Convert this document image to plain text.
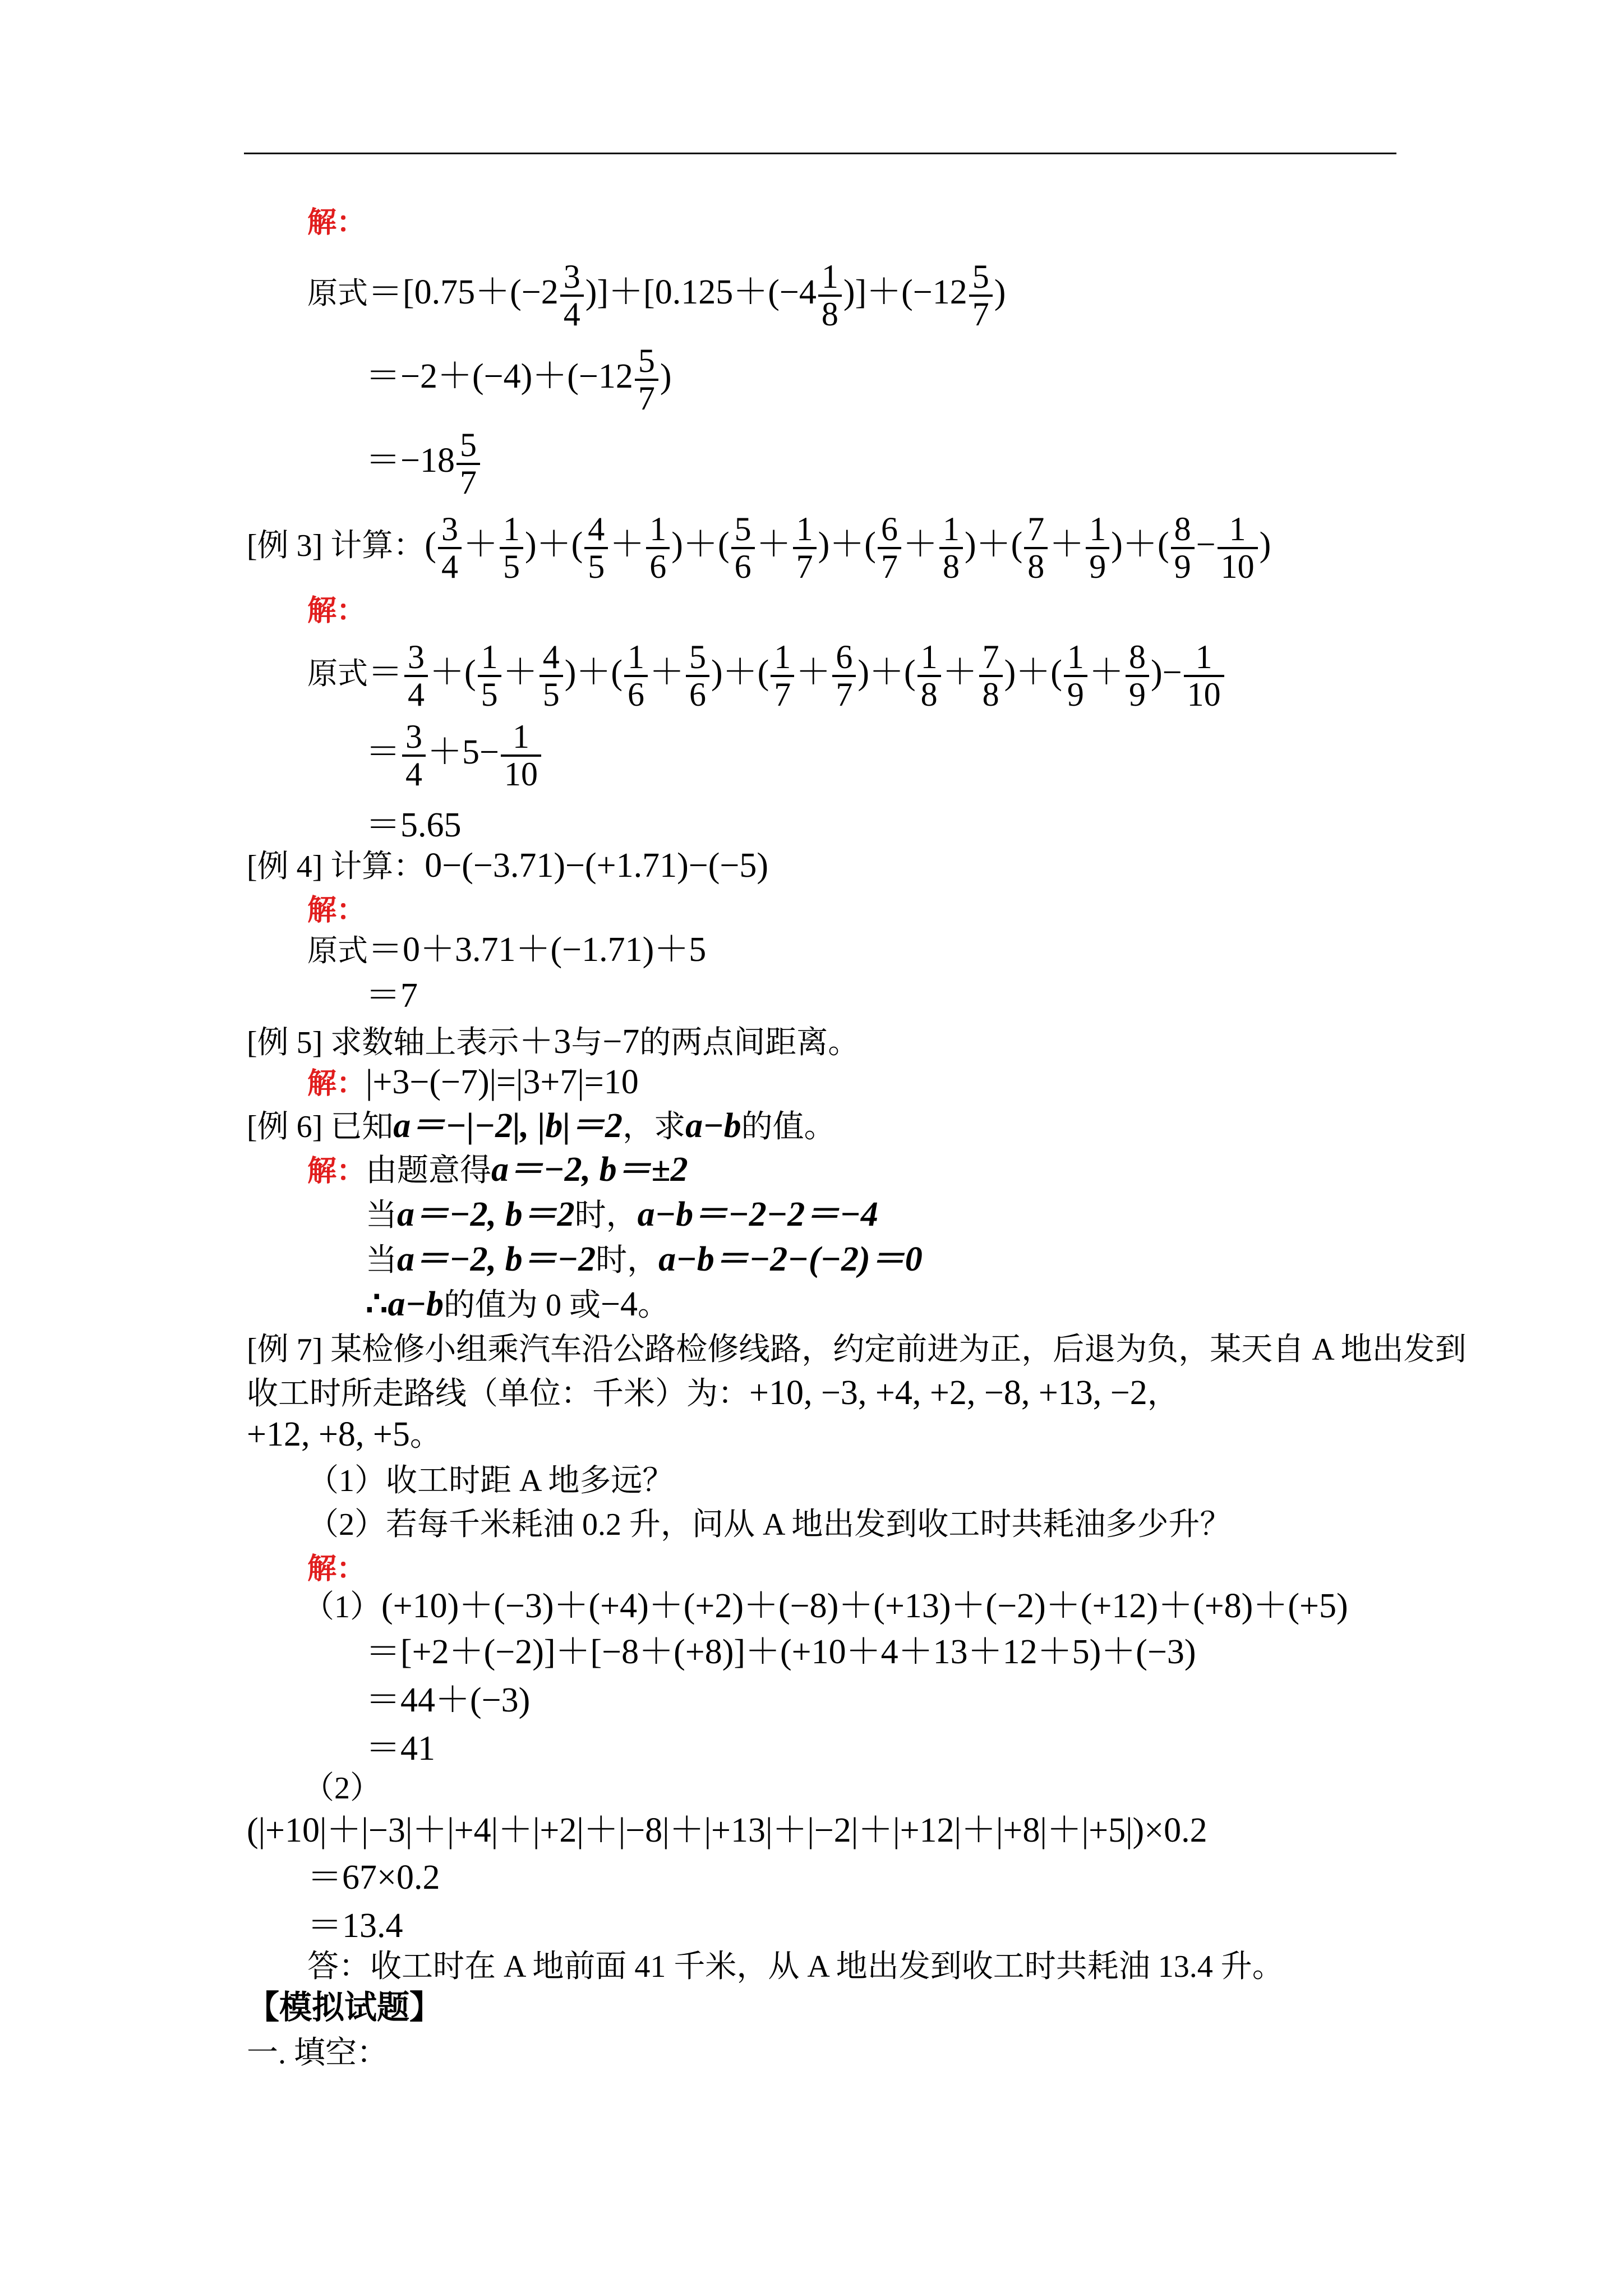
解：
原式$=[0.75+(-2 \frac{3}{4} )]+[0.125+(-4 \frac{1}{8} )]+(-12 \frac{5}{7}$ )
$=-2+(-4)+(-12 \frac{5}{7}$ )
$=-18 \frac{5}{7}$
[例 3] 计算：( $\frac{3}{4} + \frac{1}{5}$ )＋( $\frac{4}{5} + \frac{1}{6}$ )＋( $\frac{5}{6} + \frac{1}{7}$ )＋( $\frac{6}{7} + \frac{1}{8}$ )＋( $\frac{7}{8} + \frac{1}{9}$ )＋( $\frac{8}{9} - \frac{1}{10}$ )
解：
原式＝ $\frac{3}{4}$ ＋( $\frac{1}{5} + \frac{4}{5}$ )＋( $\frac{1}{6} + \frac{5}{6}$ )＋( $\frac{1}{7} + \frac{6}{7}$ )＋( $\frac{1}{8} + \frac{7}{8}$ )＋( $\frac{1}{9} + \frac{8}{9}$ )− $\frac{1}{10}$
＝ $\frac{3}{4} +5- \frac{1}{10}$
＝5.65
[例 4] 计算：0−(−3.71)−(+1.71)−(−5)
解：
原式＝0＋3.71＋(−1.71)＋5
＝7
[例 5] 求数轴上表示＋3与−7的两点间距离。
解：|+3−(−7)|=|3+7|=10
[例 6] 已知a＝−|−2|, |b|＝2，求a−b的值。
解：由题意得a＝−2, b＝±2
当a＝−2, b＝2时，a−b＝−2−2＝−4
当a＝−2, b＝−2时，a−b＝−2−(−2)＝0
∴a−b的值为 0 或−4。
[例 7] 某检修小组乘汽车沿公路检修线路，约定前进为正，后退为负，某天自 A 地出发到
收工时所走路线（单位：千米）为：+10, −3, +4, +2, −8, +13, −2，
+12, +8, +5。
（1）收工时距 A 地多远？
（2）若每千米耗油 0.2 升，问从 A 地出发到收工时共耗油多少升？
解：
（1）(+10)＋(−3)＋(+4)＋(+2)＋(−8)＋(+13)＋(−2)＋(+12)＋(+8)＋(+5)
＝[+2＋(−2)]＋[−8＋(+8)]＋(+10＋4＋13＋12＋5)＋(−3)
＝44＋(−3)
＝41
（2）
(|+10|＋|−3|＋|+4|＋|+2|＋|−8|＋|+13|＋|−2|＋|+12|＋|+8|＋|+5|)×0.2
＝67×0.2
＝13.4
答：收工时在 A 地前面 41 千米，从 A 地出发到收工时共耗油 13.4 升。
【模拟试题】
一. 填空：
